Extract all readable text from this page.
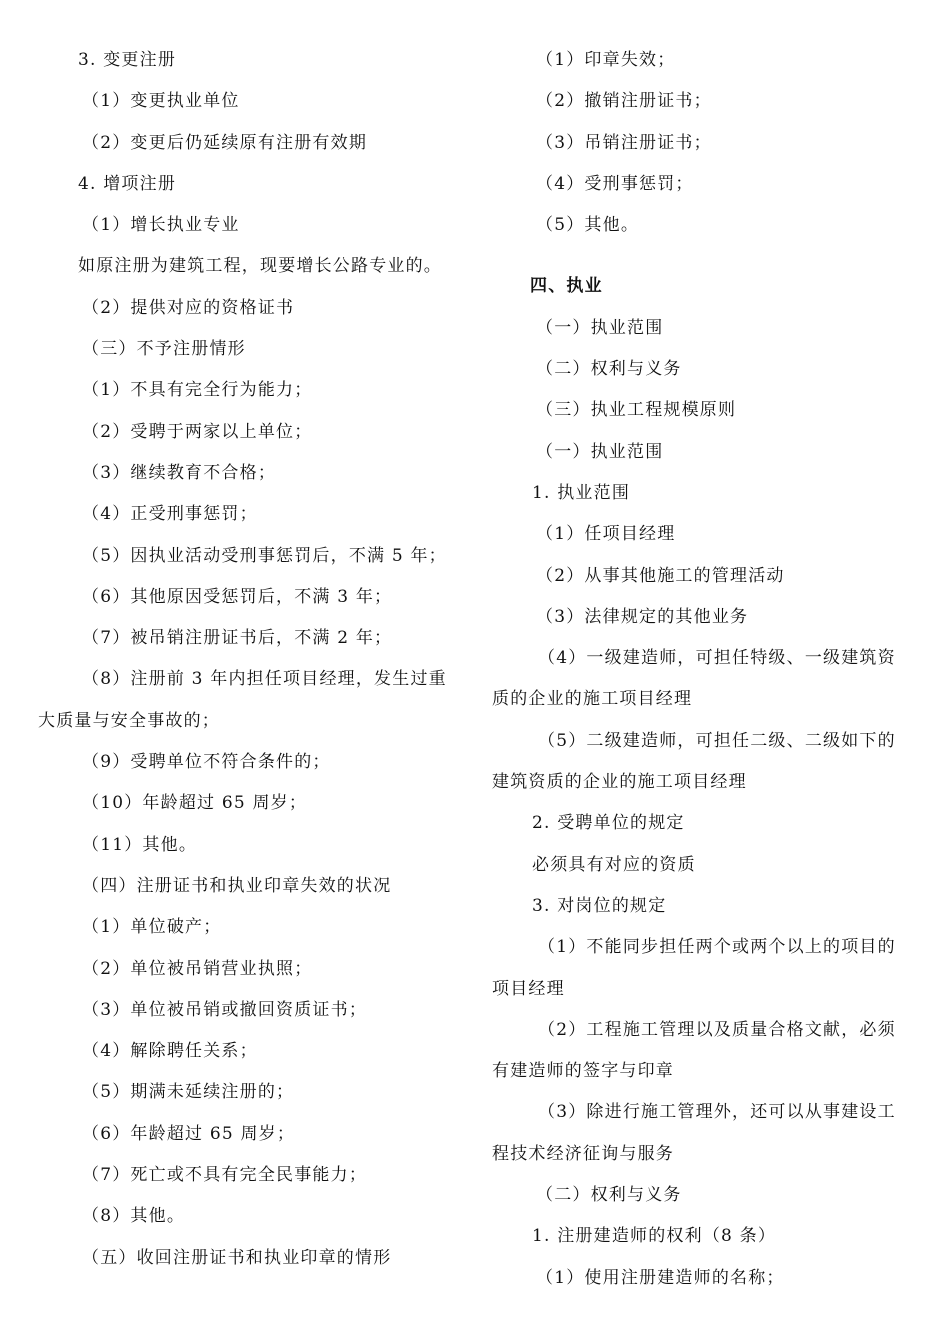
3. 变更注册
（1）变更执业单位
（2）变更后仍延续原有注册有效期
4. 增项注册
（1）增长执业专业
如原注册为建筑工程，现要增长公路专业的。
（2）提供对应的资格证书
（三）不予注册情形
（1）不具有完全行为能力；
（2）受聘于两家以上单位；
（3）继续教育不合格；
（4）正受刑事惩罚；
（5）因执业活动受刑事惩罚后，不满 5 年；
（6）其他原因受惩罚后，不满 3 年；
（7）被吊销注册证书后，不满 2 年；
（8）注册前 3 年内担任项目经理，发生过重
大质量与安全事故的；
（9）受聘单位不符合条件的；
（10）年龄超过 65 周岁；
（11）其他。
（四）注册证书和执业印章失效的状况
（1）单位破产；
（2）单位被吊销营业执照；
（3）单位被吊销或撤回资质证书；
（4）解除聘任关系；
（5）期满未延续注册的；
（6）年龄超过 65 周岁；
（7）死亡或不具有完全民事能力；
（8）其他。
（五）收回注册证书和执业印章的情形
（1）印章失效；
（2）撤销注册证书；
（3）吊销注册证书；
（4）受刑事惩罚；
（5）其他。
四、执业
（一）执业范围
（二）权利与义务
（三）执业工程规模原则
（一）执业范围
1. 执业范围
（1）任项目经理
（2）从事其他施工的管理活动
（3）法律规定的其他业务
（4）一级建造师，可担任特级、一级建筑资
质的企业的施工项目经理
（5）二级建造师，可担任二级、二级如下的
建筑资质的企业的施工项目经理
2. 受聘单位的规定
必须具有对应的资质
3. 对岗位的规定
（1）不能同步担任两个或两个以上的项目的
项目经理
（2）工程施工管理以及质量合格文献，必须
有建造师的签字与印章
（3）除进行施工管理外，还可以从事建设工
程技术经济征询与服务
（二）权利与义务
1. 注册建造师的权利（8 条）
（1）使用注册建造师的名称；
